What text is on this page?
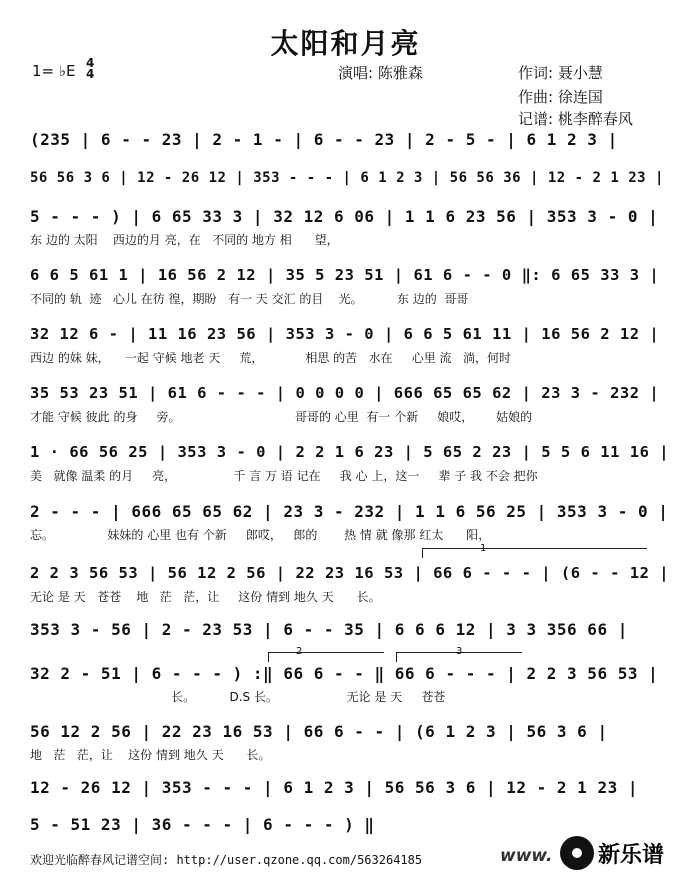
太阳和月亮
1= ♭E 4
4	演唱: 陈雅森	作词: 聂小慧
作曲: 徐连国
记谱: 桃李醉春风
(235 | 6 - - 23 | 2 - 1 - | 6 - - 23 | 2 - 5 - | 6 1 2 3 |
56 56 3 6 | 12 - 26 12 | 353 - - - | 6 1 2 3 | 56 56 36 | 12 - 2 1 23 |
5 - - - ) | 6 65 33 3 | 32 12 6 06 | 1 1 6 23 56 | 353 3 - 0 |
东 边的 太阳    西边的月 亮，在   不同的 地方 相      望，
6 6 5 61 1 | 16 56 2 12 | 35 5 23 51 | 61 6 - - 0 ‖: 6 65 33 3 |
不同的 轨  迹   心儿 在彷 徨，期盼   有一 天 交汇 的目    光。         东 边的  哥哥
32 12 6 - | 11 16 23 56 | 353 3 - 0 | 6 6 5 61 11 | 16 56 2 12 |
西边 的妹 妹，    一起 守候 地老 天     荒，           相思 的苦   水在     心里 流   淌，何时
35 53 23 51 | 61 6 - - - | 0 0 0 0 | 666 65 65 62 | 23 3 - 232 |
才能 守候 彼此 的身     旁。                              哥哥的 心里  有一 个新     娘哎，      姑娘的
1 · 66 56 25 | 353 3 - 0 | 2 2 1 6 23 | 5 65 2 23 | 5 5 6 11 16 |
美   就像 温柔 的月     亮，               千 言 万 语 记在     我 心 上，这一     辈 子 我 不会 把你
2 - - - | 666 65 65 62 | 23 3 - 232 | 1 1 6 56 25 | 353 3 - 0 |
忘。              妹妹的 心里 也有 个新     郎哎，   郎的       热 情 就 像那 红太      阳，
2 2 3 56 53 | 56 12 2 56 | 22 23 16 53 | 66 6 - - - | (6 - - 12 |
无论 是 天   苍苍    地   茫   茫，让     这份 情到 地久 天      长。
353 3 - 56 | 2 - 23 53 | 6 - - 35 | 6 6 6 12 | 3 3 356 66 |
32 2 - 51 | 6 - - - ) :‖ 66 6 - - ‖ 66 6 - - - | 2 2 3 56 53 |
长。         D.S 长。                  无论 是 天     苍苍
56 12 2 56 | 22 23 16 53 | 66 6 - - | (6 1 2 3 | 56 3 6 |
地   茫   茫，让    这份 情到 地久 天      长。
12 - 26 12 | 353 - - - | 6 1 2 3 | 56 56 3 6 | 12 - 2 1 23 |
5 - 51 23 | 36 - - - | 6 - - - ) ‖
1
2	3
欢迎光临醉春风记谱空间: http://user.qzone.qq.com/563264185	www. 新乐谱
